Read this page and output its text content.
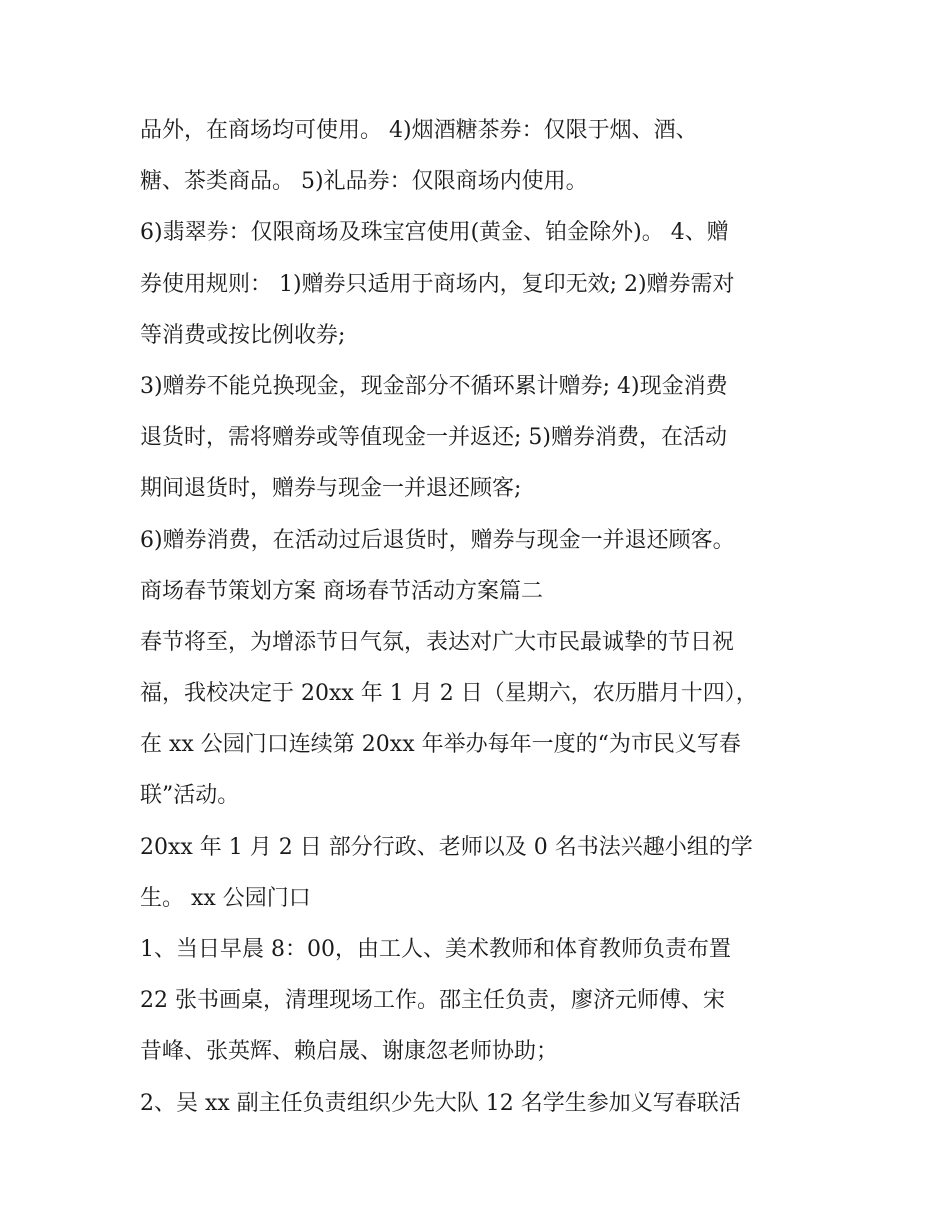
品外，在商场均可使用。 4)烟酒糖茶券：仅限于烟、酒、
糖、茶类商品。 5)礼品券：仅限商场内使用。
6)翡翠券：仅限商场及珠宝宫使用(黄金、铂金除外)。 4、赠
券使用规则： 1)赠券只适用于商场内，复印无效; 2)赠券需对
等消费或按比例收券;
3)赠券不能兑换现金，现金部分不循环累计赠券; 4)现金消费
退货时，需将赠券或等值现金一并返还; 5)赠券消费，在活动
期间退货时，赠券与现金一并退还顾客;
6)赠券消费，在活动过后退货时，赠券与现金一并退还顾客。
商场春节策划方案 商场春节活动方案篇二
春节将至，为增添节日气氛，表达对广大市民最诚挚的节日祝
福，我校决定于 20xx 年 1 月 2 日（星期六，农历腊月十四），
在 xx 公园门口连续第 20xx 年举办每年一度的“为市民义写春
联”活动。
20xx 年 1 月 2 日 部分行政、老师以及 0 名书法兴趣小组的学
生。 xx 公园门口
1、当日早晨 8：00，由工人、美术教师和体育教师负责布置
22 张书画桌，清理现场工作。邵主任负责，廖济元师傅、宋
昔峰、张英辉、赖启晟、谢康忽老师协助；
2、吴 xx 副主任负责组织少先大队 12 名学生参加义写春联活
